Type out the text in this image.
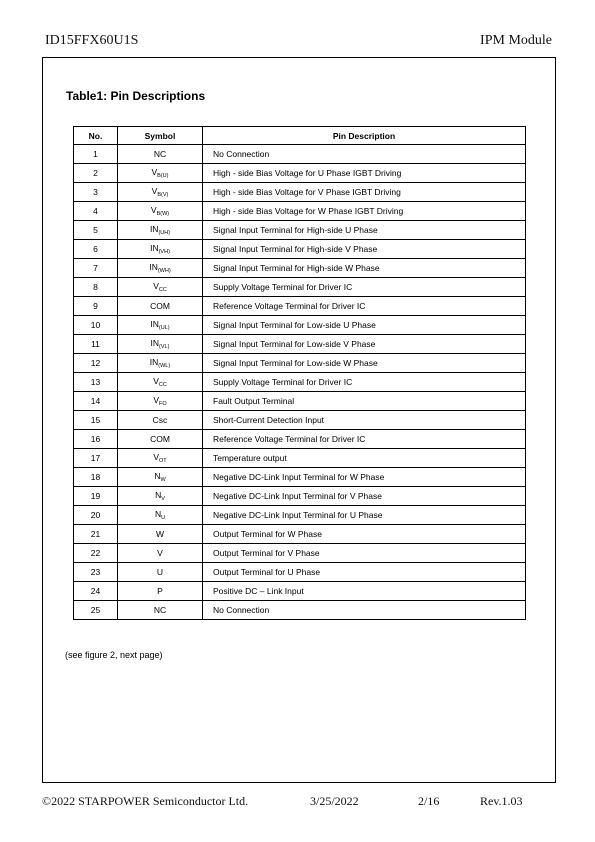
ID15FFX60U1S	IPM Module
Table1: Pin Descriptions
No.	Symbol	Pin Description
1	NC	No Connection
2	$V_{B(U)}$	High - side Bias Voltage for U Phase IGBT Driving
3	$V_{B(V)}$	High - side Bias Voltage for V Phase IGBT Driving
4	$V_{B(W)}$	High - side Bias Voltage for W Phase IGBT Driving
5	$IN_{(UH)}$	Signal Input Terminal for High-side U Phase
6	$IN_{(VH)}$	Signal Input Terminal for High-side V Phase
7	$IN_{(WH)}$	Signal Input Terminal for High-side W Phase
8	$V_{CC}$	Supply Voltage Terminal for Driver IC
9	COM	Reference Voltage Terminal for Driver IC
10	$IN_{(UL)}$	Signal Input Terminal for Low-side U Phase
11	$IN_{(VL)}$	Signal Input Terminal for Low-side V Phase
12	$IN_{(WL)}$	Signal Input Terminal for Low-side W Phase
13	$V_{CC}$	Supply Voltage Terminal for Driver IC
14	$V_{FO}$	Fault Output Terminal
15	Csc	Short-Current Detection Input
16	COM	Reference Voltage Terminal for Driver IC
17	$V_{OT}$	Temperature output
18	$N_W$	Negative DC-Link Input Terminal for W Phase
19	$N_V$	Negative DC-Link Input Terminal for V Phase
20	$N_U$	Negative DC-Link Input Terminal for U Phase
21	W	Output Terminal for W Phase
22	V	Output Terminal for V Phase
23	U	Output Terminal for U Phase
24	P	Positive DC – Link Input
25	NC	No Connection
(see figure 2, next page)
©2022 STARPOWER Semiconductor Ltd.	3/25/2022	2/16	Rev.1.03
